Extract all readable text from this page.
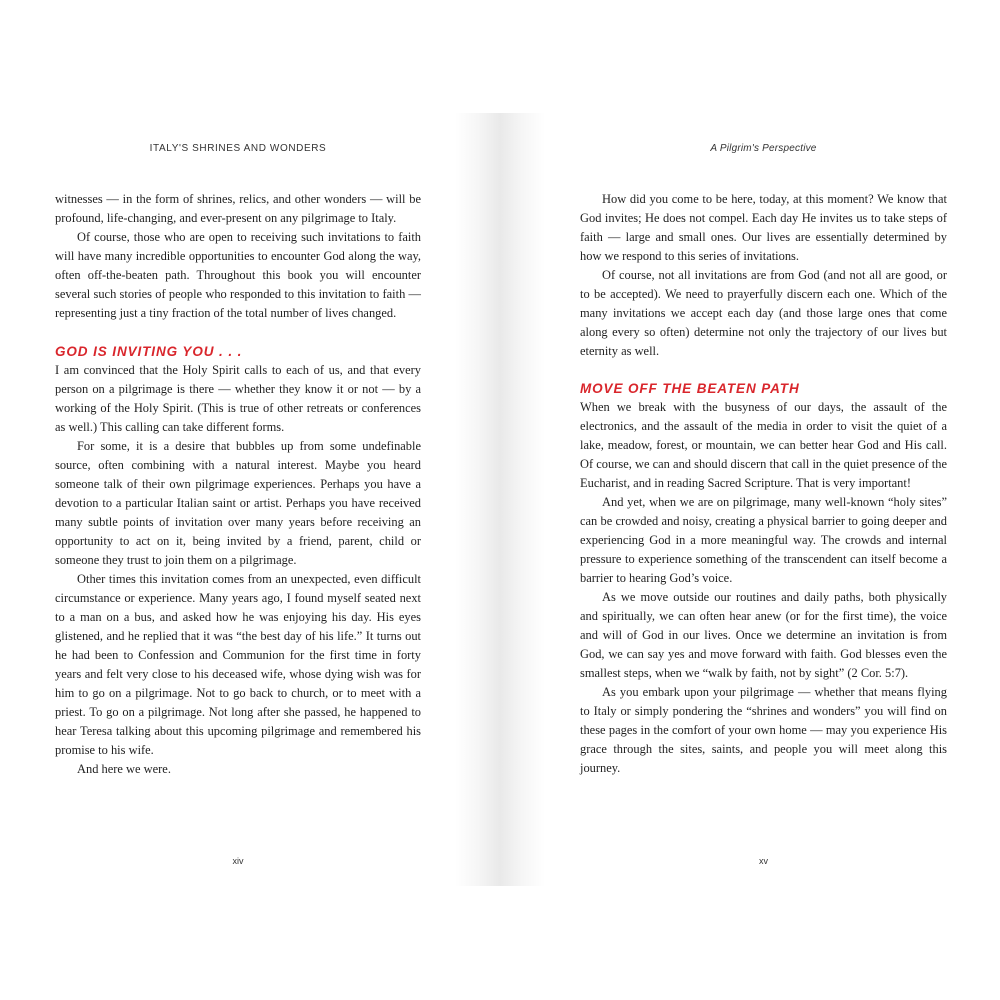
ITALY'S SHRINES AND WONDERS

witnesses — in the form of shrines, relics, and other wonders — will be profound, life-changing, and ever-present on any pilgrimage to Italy.

Of course, those who are open to receiving such invitations to faith will have many incredible opportunities to encounter God along the way, often off-the-beaten path. Throughout this book you will encounter several such stories of people who responded to this invitation to faith — representing just a tiny fraction of the total number of lives changed.

GOD IS INVITING YOU . . .

I am convinced that the Holy Spirit calls to each of us, and that every person on a pilgrimage is there — whether they know it or not — by a working of the Holy Spirit. (This is true of other retreats or conferences as well.) This calling can take different forms.

For some, it is a desire that bubbles up from some undefinable source, often combining with a natural interest. Maybe you heard someone talk of their own pilgrimage experiences. Perhaps you have a devotion to a particular Italian saint or artist. Perhaps you have received many subtle points of invitation over many years before receiving an opportunity to act on it, being invited by a friend, parent, child or someone they trust to join them on a pilgrimage.

Other times this invitation comes from an unexpected, even difficult circumstance or experience. Many years ago, I found myself seated next to a man on a bus, and asked how he was enjoying his day. His eyes glistened, and he replied that it was “the best day of his life.” It turns out he had been to Confession and Communion for the first time in forty years and felt very close to his deceased wife, whose dying wish was for him to go on a pilgrimage. Not to go back to church, or to meet with a priest. To go on a pilgrimage. Not long after she passed, he happened to hear Teresa talking about this upcoming pilgrimage and remembered his promise to his wife.

And here we were.

xiv
A Pilgrim's Perspective

How did you come to be here, today, at this moment? We know that God invites; He does not compel. Each day He invites us to take steps of faith — large and small ones. Our lives are essentially determined by how we respond to this series of invitations.

Of course, not all invitations are from God (and not all are good, or to be accepted). We need to prayerfully discern each one. Which of the many invitations we accept each day (and those large ones that come along every so often) determine not only the trajectory of our lives but eternity as well.

MOVE OFF THE BEATEN PATH

When we break with the busyness of our days, the assault of the electronics, and the assault of the media in order to visit the quiet of a lake, meadow, forest, or mountain, we can better hear God and His call. Of course, we can and should discern that call in the quiet presence of the Eucharist, and in reading Sacred Scripture. That is very important!

And yet, when we are on pilgrimage, many well-known “holy sites” can be crowded and noisy, creating a physical barrier to going deeper and experiencing God in a more meaningful way. The crowds and internal pressure to experience something of the transcendent can itself become a barrier to hearing God’s voice.

As we move outside our routines and daily paths, both physically and spiritually, we can often hear anew (or for the first time), the voice and will of God in our lives. Once we determine an invitation is from God, we can say yes and move forward with faith. God blesses even the smallest steps, when we “walk by faith, not by sight” (2 Cor. 5:7).

As you embark upon your pilgrimage — whether that means flying to Italy or simply pondering the “shrines and wonders” you will find on these pages in the comfort of your own home — may you experience His grace through the sites, saints, and people you will meet along this journey.

xv
